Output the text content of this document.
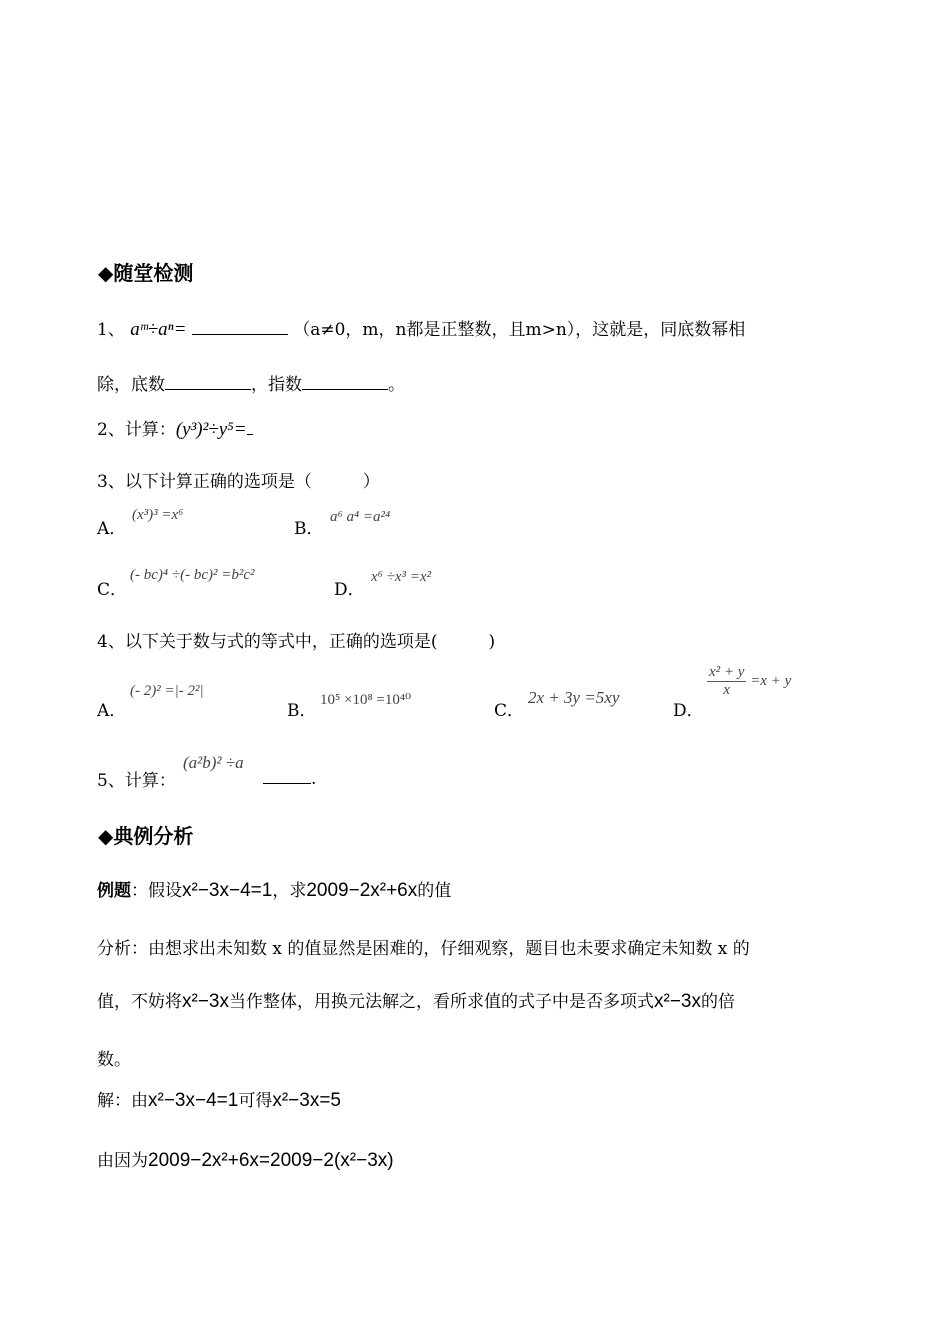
◆随堂检测
1、 aᵐ÷aⁿ=	（a≠0，m，n都是正整数，且m>n），这就是，同底数幂相
除，底数	，指数	。
2、计算：(y³)²÷y⁵=
3、以下计算正确的选项是（　　　）
A．
(x³)³ =x⁶
B．
a⁶ a⁴ =a²⁴
C．
(- bc)⁴ ÷(- bc)² =b²c²
D．
x⁶ ÷x³ =x²
4、以下关于数与式的等式中，正确的选项是(　　　)
A．
(- 2)² =|- 2²|
B．
10⁵ ×10⁸ =10⁴⁰
C．
2x + 3y =5xy
D．
$\frac{\text{x² + y}}{x} =x + y$
5、计算：
(a²b)² ÷a
.
◆典例分析
例题：假设x²−3x−4=1，求2009−2x²+6x的值
分析：由想求出未知数 x 的值显然是困难的，仔细观察，题目也未要求确定未知数 x 的
值，不妨将x²−3x当作整体，用换元法解之，看所求值的式子中是否多项式x²−3x的倍
数。
解：由x²−3x−4=1可得x²−3x=5
由因为2009−2x²+6x=2009−2(x²−3x)
